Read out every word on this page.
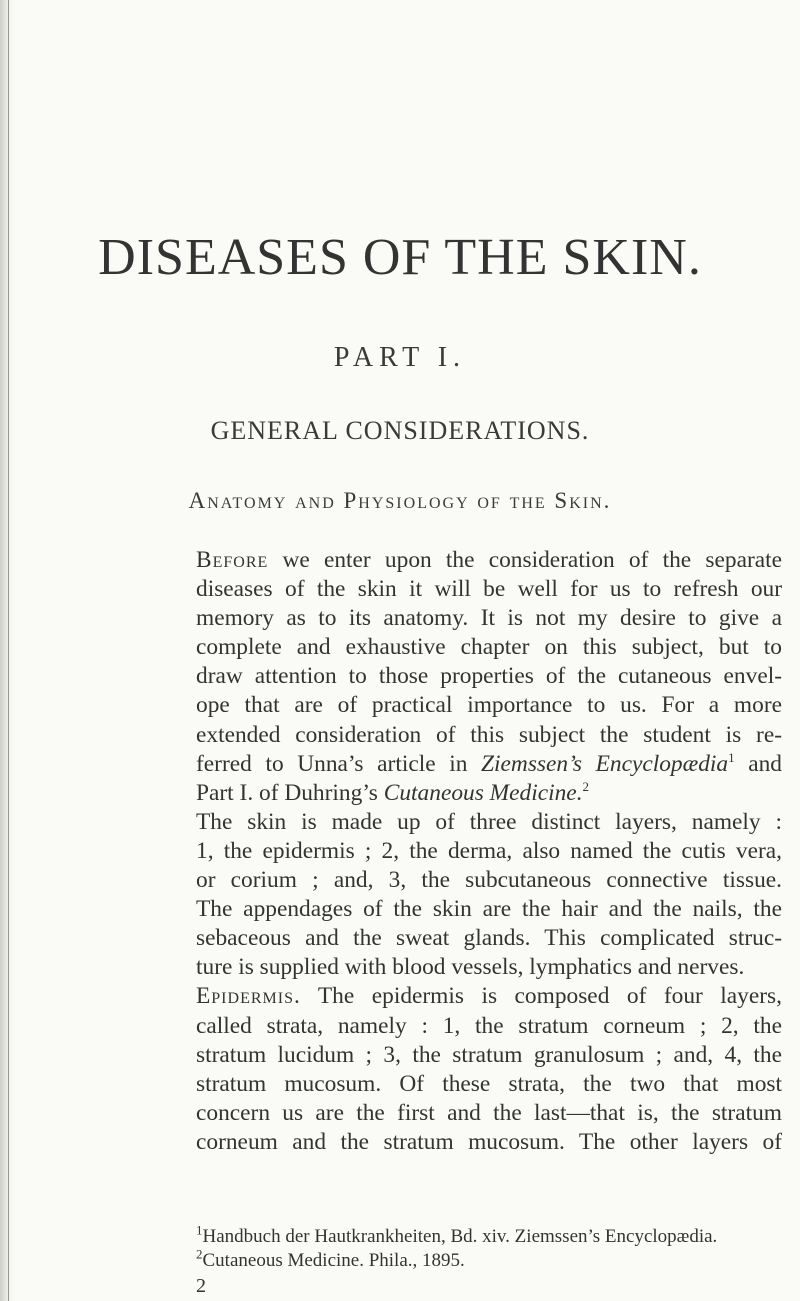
DISEASES OF THE SKIN.
PART I.
GENERAL CONSIDERATIONS.
Anatomy and Physiology of the Skin.
Before we enter upon the consideration of the separate
diseases of the skin it will be well for us to refresh our
memory as to its anatomy. It is not my desire to give a
complete and exhaustive chapter on this subject, but to
draw attention to those properties of the cutaneous envel-
ope that are of practical importance to us. For a more
extended consideration of this subject the student is re-
ferred to Unna’s article in Ziemssen’s Encyclopædia$^1$ and
Part I. of Duhring’s Cutaneous Medicine.$^2$
The skin is made up of three distinct layers, namely :
1, the epidermis ; 2, the derma, also named the cutis vera,
or corium ; and, 3, the subcutaneous connective tissue.
The appendages of the skin are the hair and the nails, the
sebaceous and the sweat glands. This complicated struc-
ture is supplied with blood vessels, lymphatics and nerves.
Epidermis. The epidermis is composed of four layers,
called strata, namely : 1, the stratum corneum ; 2, the
stratum lucidum ; 3, the stratum granulosum ; and, 4, the
stratum mucosum. Of these strata, the two that most
concern us are the first and the last—that is, the stratum
corneum and the stratum mucosum. The other layers of
$^1$Handbuch der Hautkrankheiten, Bd. xiv. Ziemssen’s Encyclopædia.
$^2$Cutaneous Medicine. Phila., 1895.
2
